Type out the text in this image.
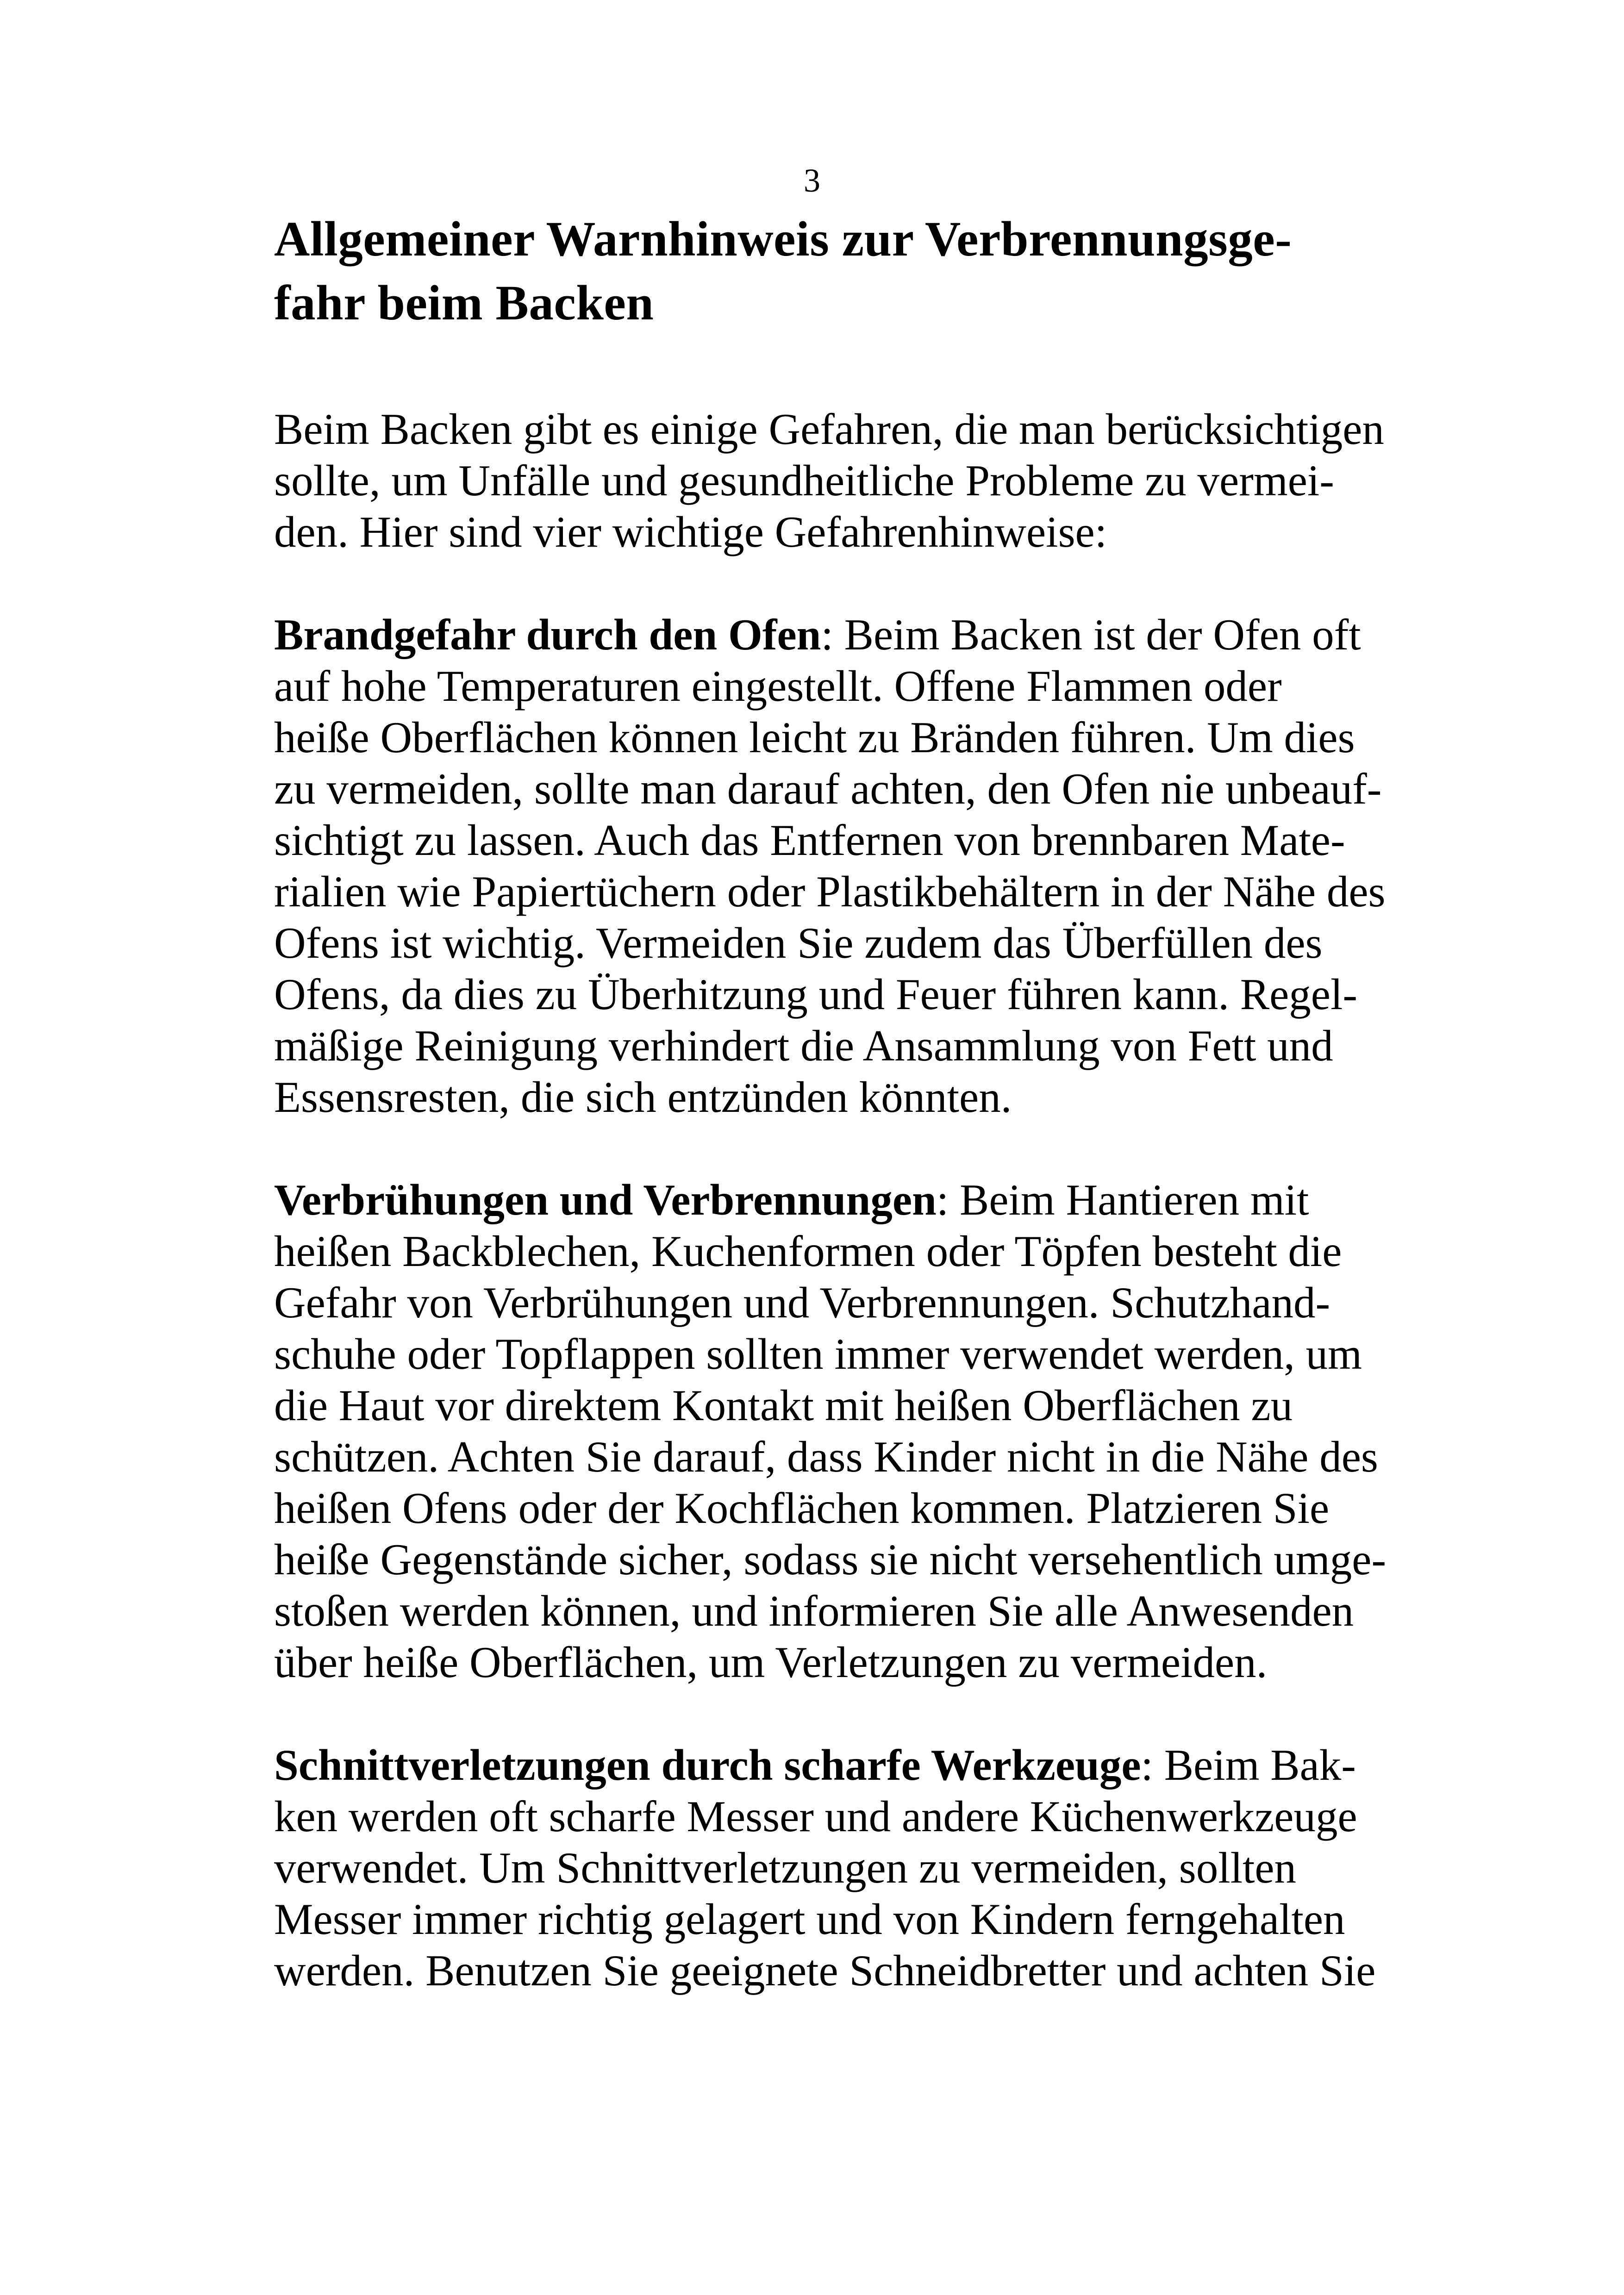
3
Allgemeiner Warnhinweis zur Verbrennungsge-
fahr beim Backen

Beim Backen gibt es einige Gefahren, die man berücksichtigen
sollte, um Unfälle und gesundheitliche Probleme zu vermei-
den. Hier sind vier wichtige Gefahrenhinweise:

Brandgefahr durch den Ofen: Beim Backen ist der Ofen oft
auf hohe Temperaturen eingestellt. Offene Flammen oder
heiße Oberflächen können leicht zu Bränden führen. Um dies
zu vermeiden, sollte man darauf achten, den Ofen nie unbeauf-
sichtigt zu lassen. Auch das Entfernen von brennbaren Mate-
rialien wie Papiertüchern oder Plastikbehältern in der Nähe des
Ofens ist wichtig. Vermeiden Sie zudem das Überfüllen des
Ofens, da dies zu Überhitzung und Feuer führen kann. Regel-
mäßige Reinigung verhindert die Ansammlung von Fett und
Essensresten, die sich entzünden könnten.

Verbrühungen und Verbrennungen: Beim Hantieren mit
heißen Backblechen, Kuchenformen oder Töpfen besteht die
Gefahr von Verbrühungen und Verbrennungen. Schutzhand-
schuhe oder Topflappen sollten immer verwendet werden, um
die Haut vor direktem Kontakt mit heißen Oberflächen zu
schützen. Achten Sie darauf, dass Kinder nicht in die Nähe des
heißen Ofens oder der Kochflächen kommen. Platzieren Sie
heiße Gegenstände sicher, sodass sie nicht versehentlich umge-
stoßen werden können, und informieren Sie alle Anwesenden
über heiße Oberflächen, um Verletzungen zu vermeiden.

Schnittverletzungen durch scharfe Werkzeuge: Beim Bak-
ken werden oft scharfe Messer und andere Küchenwerkzeuge
verwendet. Um Schnittverletzungen zu vermeiden, sollten
Messer immer richtig gelagert und von Kindern ferngehalten
werden. Benutzen Sie geeignete Schneidbretter und achten Sie
